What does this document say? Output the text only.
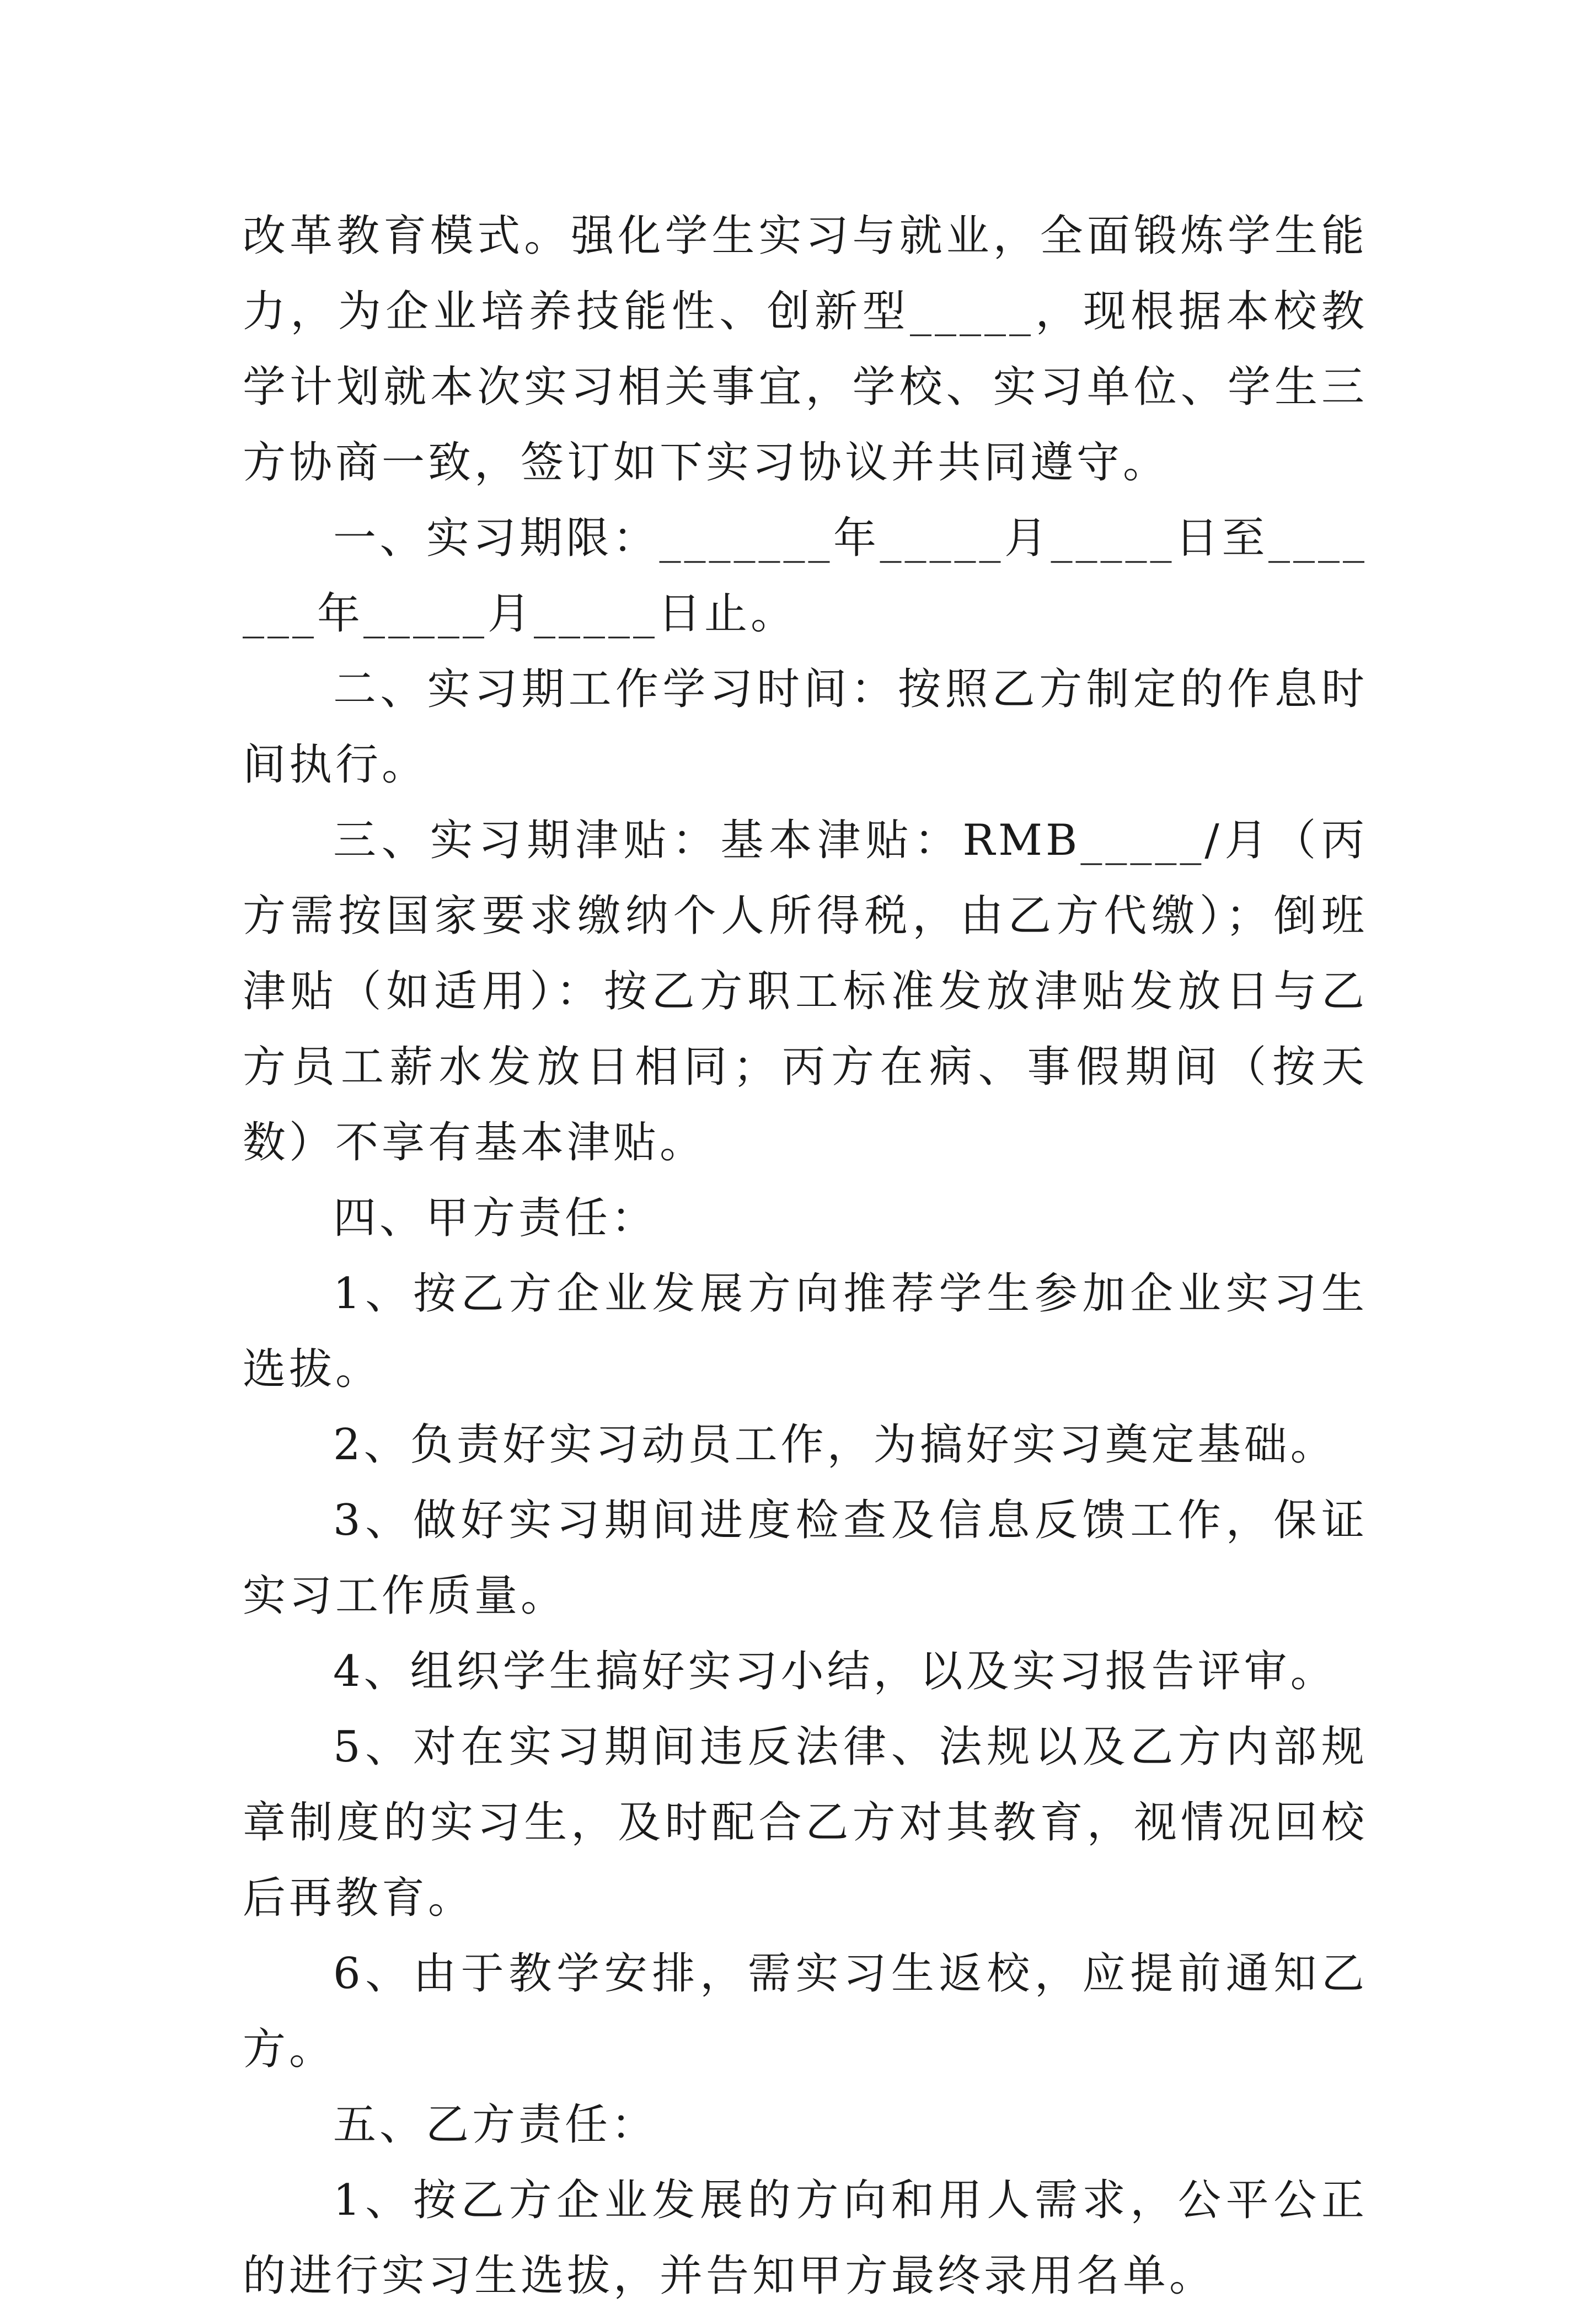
改革教育模式。强化学生实习与就业，全面锻炼学生能力，为企业培养技能性、创新型_____，现根据本校教学计划就本次实习相关事宜，学校、实习单位、学生三方协商一致，签订如下实习协议并共同遵守。

一、实习期限：_______年_____月_____日至_______年_____月_____日止。

二、实习期工作学习时间：按照乙方制定的作息时间执行。

三、实习期津贴：基本津贴：RMB_____/月（丙方需按国家要求缴纳个人所得税，由乙方代缴）；倒班津贴（如适用）：按乙方职工标准发放津贴发放日与乙方员工薪水发放日相同；丙方在病、事假期间（按天数）不享有基本津贴。

四、甲方责任：

1、按乙方企业发展方向推荐学生参加企业实习生选拔。

2、负责好实习动员工作，为搞好实习奠定基础。

3、做好实习期间进度检查及信息反馈工作，保证实习工作质量。

4、组织学生搞好实习小结，以及实习报告评审。

5、对在实习期间违反法律、法规以及乙方内部规章制度的实习生，及时配合乙方对其教育，视情况回校后再教育。

6、由于教学安排，需实习生返校，应提前通知乙方。

五、乙方责任：

1、按乙方企业发展的方向和用人需求，公平公正的进行实习生选拔，并告知甲方最终录用名单。
